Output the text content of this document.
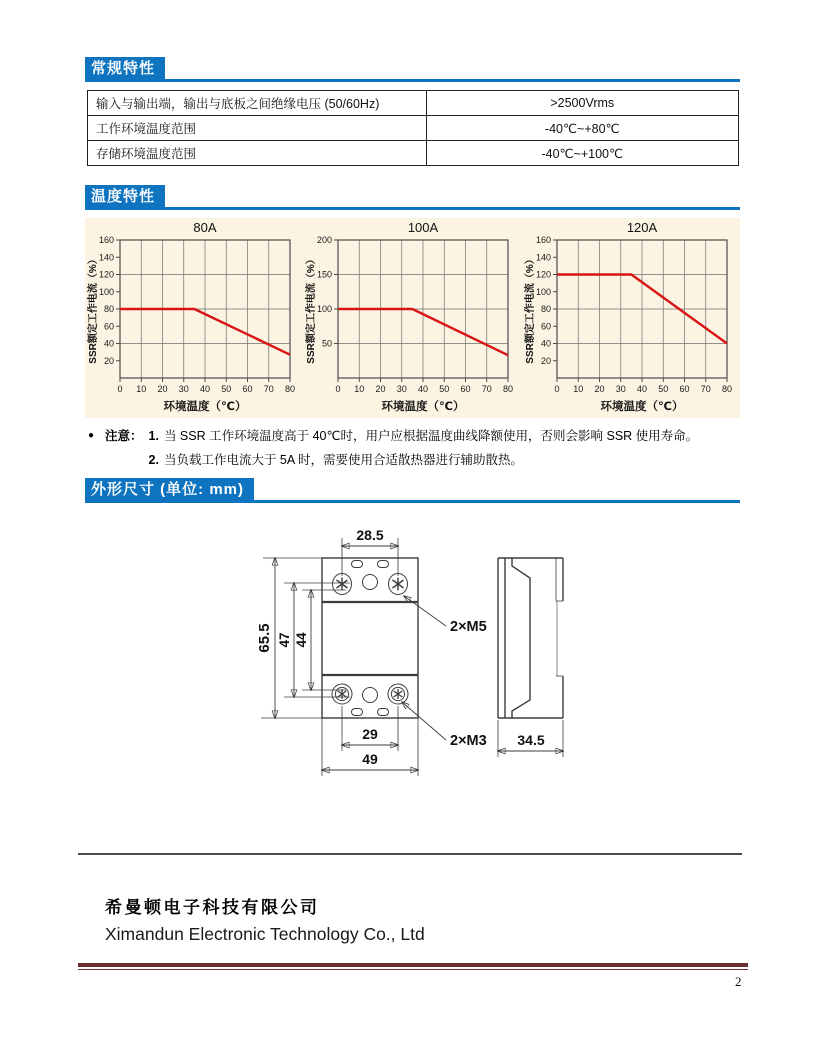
常规特性
输入与输出端，输出与底板之间绝缘电压 (50/60Hz)	>2500Vrms
工作环境温度范围	-40℃~+80℃
存储环境温度范围	-40℃~+100℃
温度特性
20
40
60
80
100
120
140
160
0 10 20 30 40 50 60 70 80
80A
环境温度（℃）
SSR额定工作电流（%）	50
100
150
200
0 10 20 30 40 50 60 70 80
100A
环境温度（℃）
SSR额定工作电流（%）	20
40
60
80
100
120
140
160
0 10 20 30 40 50 60 70 80
120A
环境温度（℃）
SSR额定工作电流（%）
● 注意： 1. 当 SSR 工作环境温度高于 40℃时，用户应根据温度曲线降额使用，否则会影响 SSR 使用寿命。
2. 当负载工作电流大于 5A 时，需要使用合适散热器进行辅助散热。
外形尺寸 (单位: mm)
65.5 47 44
28.5
29
49
2×M5
2×M3 34.5
希曼顿电子科技有限公司
Ximandun Electronic Technology Co., Ltd
2
